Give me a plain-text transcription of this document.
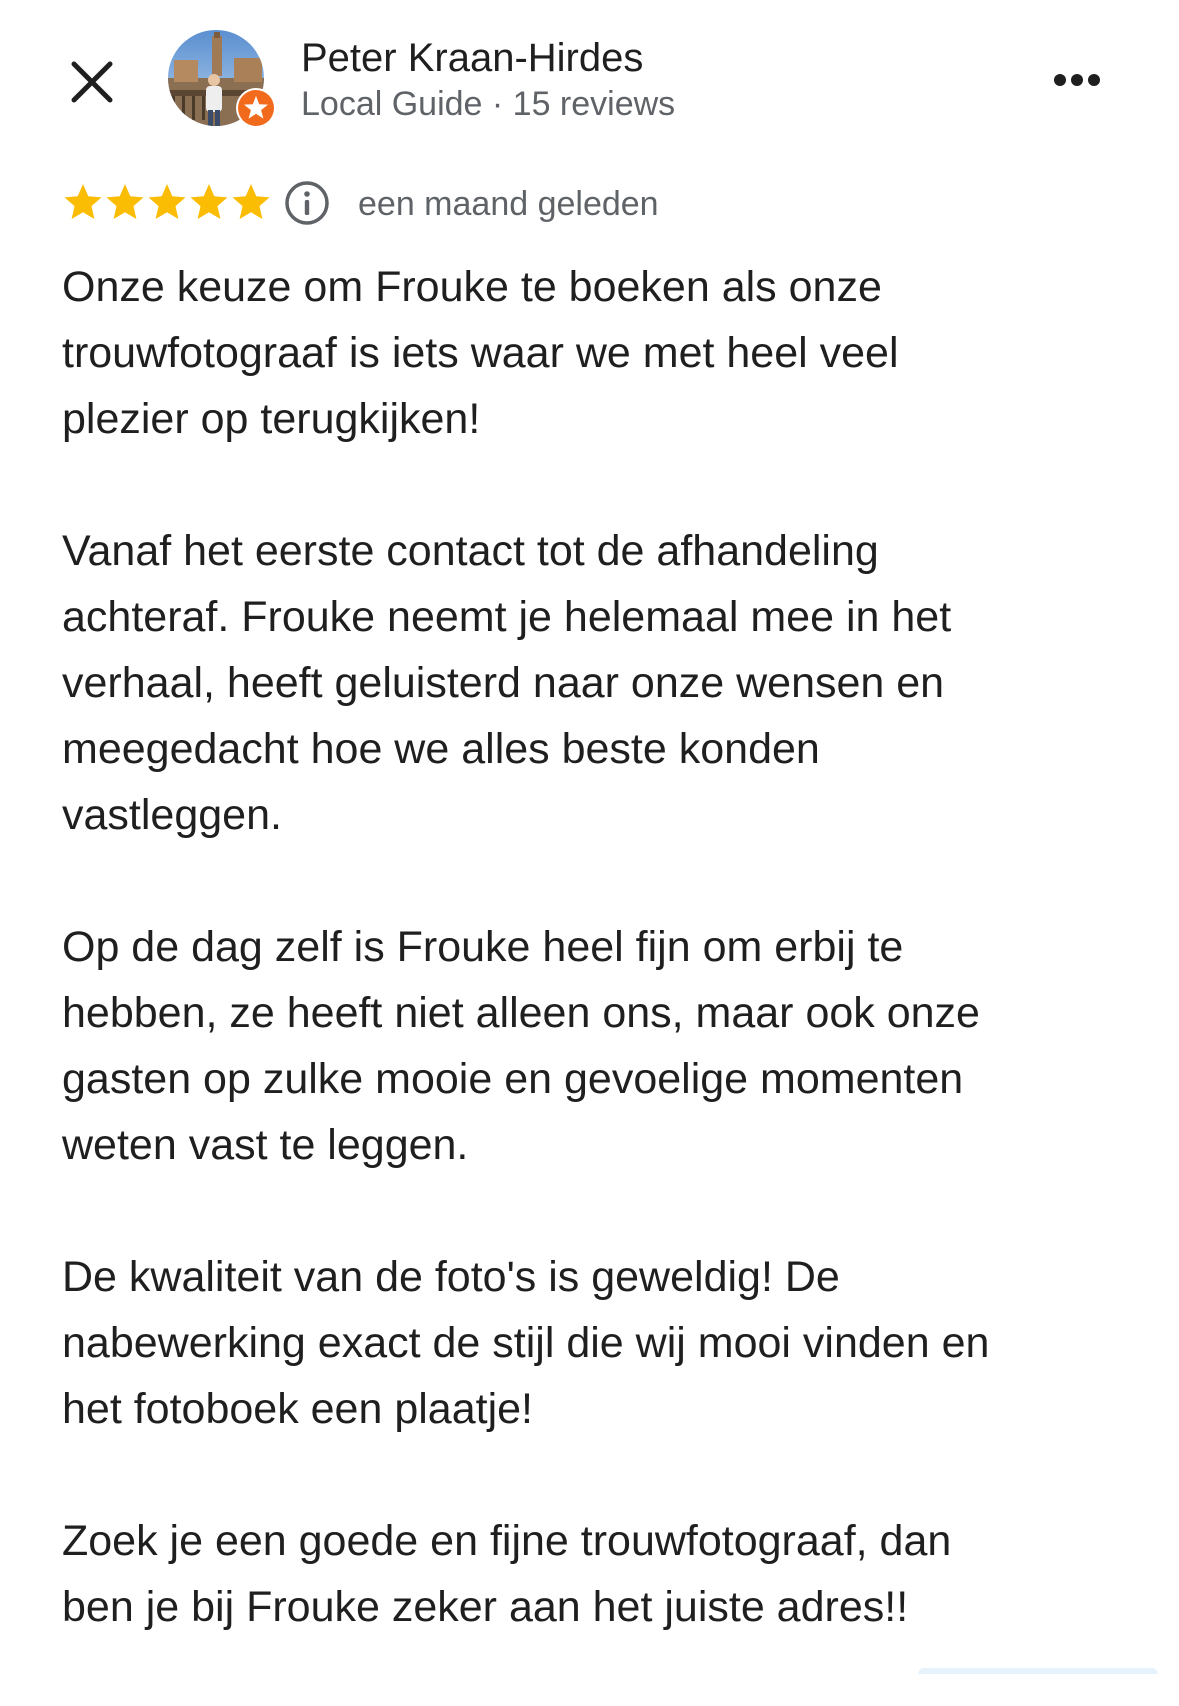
Peter Kraan-Hirdes
Local Guide · 15 reviews
een maand geleden
Onze keuze om Frouke te boeken als onze
trouwfotograaf is iets waar we met heel veel
plezier op terugkijken!
Vanaf het eerste contact tot de afhandeling
achteraf. Frouke neemt je helemaal mee in het
verhaal, heeft geluisterd naar onze wensen en
meegedacht hoe we alles beste konden
vastleggen.
Op de dag zelf is Frouke heel fijn om erbij te
hebben, ze heeft niet alleen ons, maar ook onze
gasten op zulke mooie en gevoelige momenten
weten vast te leggen.
De kwaliteit van de foto's is geweldig! De
nabewerking exact de stijl die wij mooi vinden en
het fotoboek een plaatje!
Zoek je een goede en fijne trouwfotograaf, dan
ben je bij Frouke zeker aan het juiste adres!!
